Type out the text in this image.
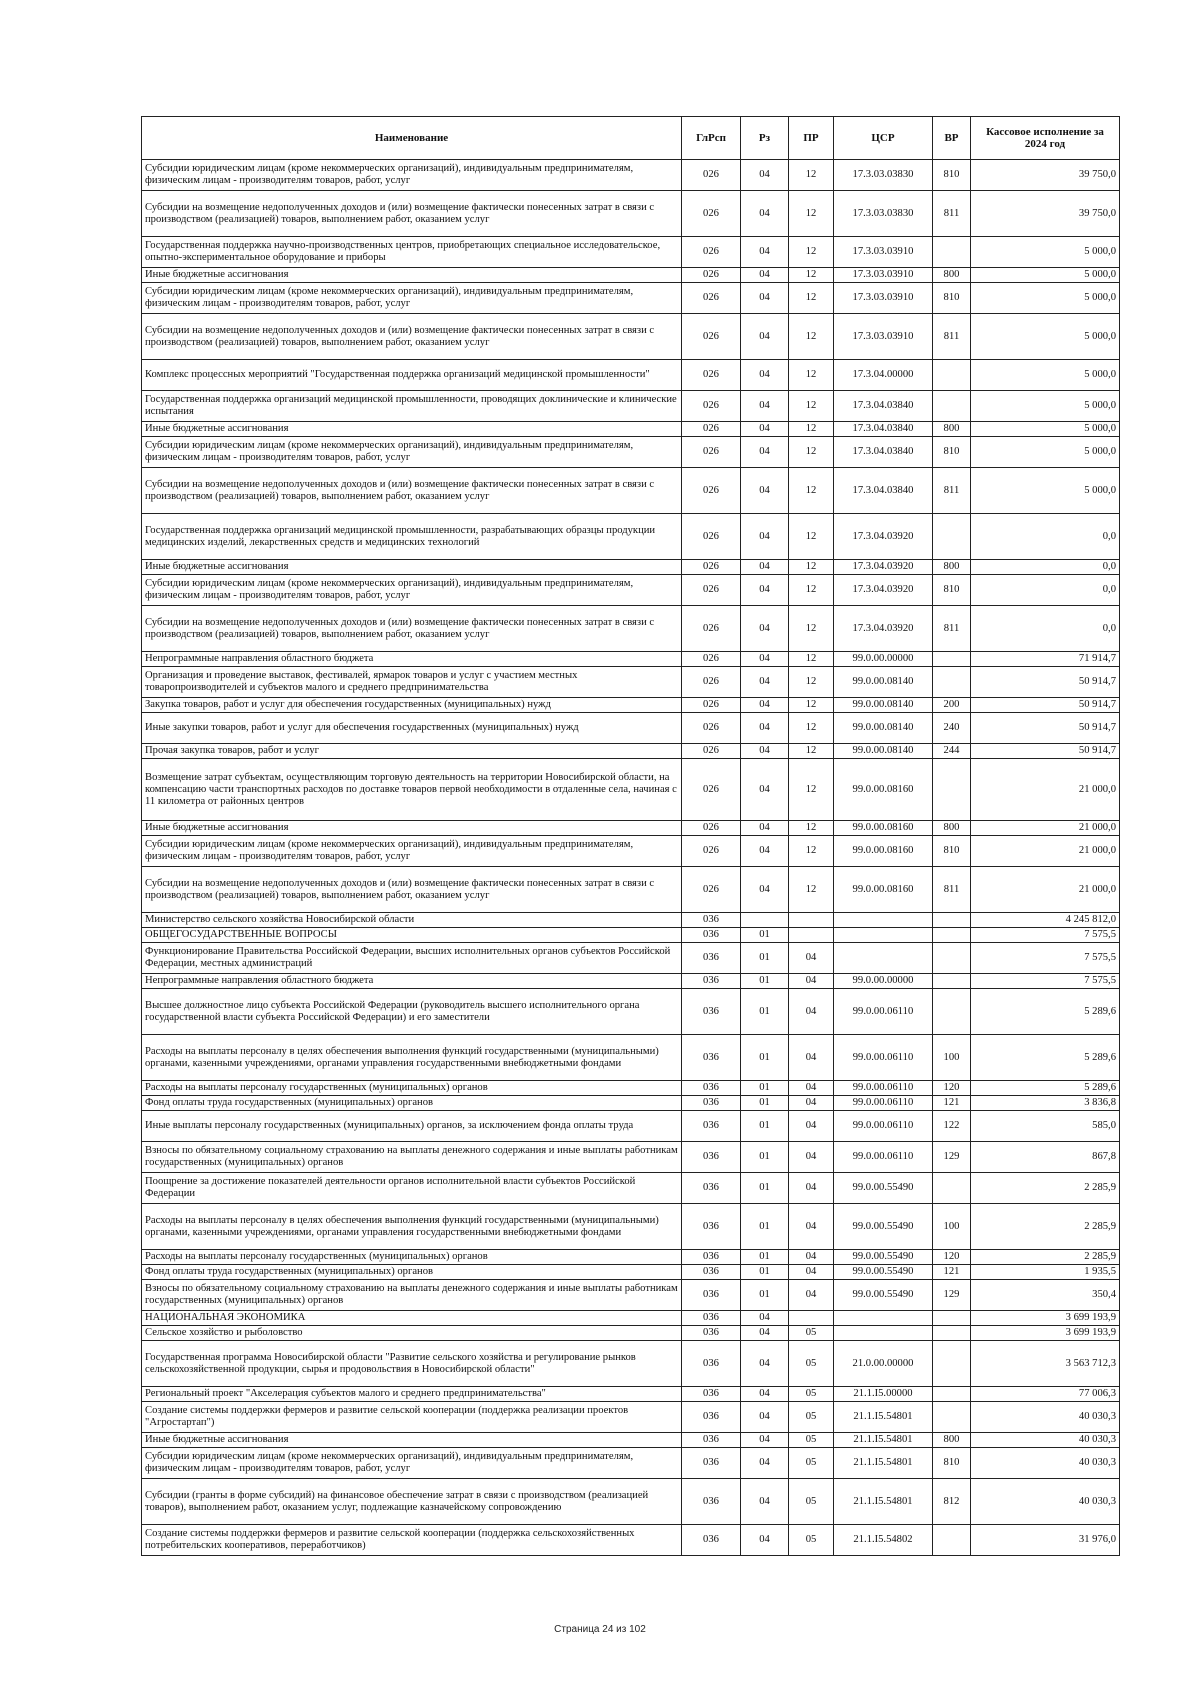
Наименование	ГлРсп	Рз	ПР	ЦСР	ВР	Кассовое исполнение за 2024 год
Субсидии юридическим лицам (кроме некоммерческих организаций), индивидуальным предпринимателям, физическим лицам - производителям товаров, работ, услуг	026	04	12	17.3.03.03830	810	39 750,0
Субсидии на возмещение недополученных доходов и (или) возмещение фактически понесенных затрат в связи с производством (реализацией) товаров, выполнением работ, оказанием услуг	026	04	12	17.3.03.03830	811	39 750,0
Государственная поддержка научно-производственных центров, приобретающих специальное исследовательское, опытно-экспериментальное оборудование и приборы	026	04	12	17.3.03.03910		5 000,0
Иные бюджетные ассигнования	026	04	12	17.3.03.03910	800	5 000,0
Субсидии юридическим лицам (кроме некоммерческих организаций), индивидуальным предпринимателям, физическим лицам - производителям товаров, работ, услуг	026	04	12	17.3.03.03910	810	5 000,0
Субсидии на возмещение недополученных доходов и (или) возмещение фактически понесенных затрат в связи с производством (реализацией) товаров, выполнением работ, оказанием услуг	026	04	12	17.3.03.03910	811	5 000,0
Комплекс процессных мероприятий "Государственная поддержка организаций медицинской промышленности"	026	04	12	17.3.04.00000		5 000,0
Государственная поддержка организаций медицинской промышленности, проводящих доклинические и клинические испытания	026	04	12	17.3.04.03840		5 000,0
Иные бюджетные ассигнования	026	04	12	17.3.04.03840	800	5 000,0
Субсидии юридическим лицам (кроме некоммерческих организаций), индивидуальным предпринимателям, физическим лицам - производителям товаров, работ, услуг	026	04	12	17.3.04.03840	810	5 000,0
Субсидии на возмещение недополученных доходов и (или) возмещение фактически понесенных затрат в связи с производством (реализацией) товаров, выполнением работ, оказанием услуг	026	04	12	17.3.04.03840	811	5 000,0
Государственная поддержка организаций медицинской промышленности, разрабатывающих образцы продукции медицинских изделий, лекарственных средств и медицинских технологий	026	04	12	17.3.04.03920		0,0
Иные бюджетные ассигнования	026	04	12	17.3.04.03920	800	0,0
Субсидии юридическим лицам (кроме некоммерческих организаций), индивидуальным предпринимателям, физическим лицам - производителям товаров, работ, услуг	026	04	12	17.3.04.03920	810	0,0
Субсидии на возмещение недополученных доходов и (или) возмещение фактически понесенных затрат в связи с производством (реализацией) товаров, выполнением работ, оказанием услуг	026	04	12	17.3.04.03920	811	0,0
Непрограммные направления областного бюджета	026	04	12	99.0.00.00000		71 914,7
Организация и проведение выставок, фестивалей, ярмарок товаров и услуг с участием местных товаропроизводителей и субъектов малого и среднего предпринимательства	026	04	12	99.0.00.08140		50 914,7
Закупка товаров, работ и услуг для обеспечения государственных (муниципальных) нужд	026	04	12	99.0.00.08140	200	50 914,7
Иные закупки товаров, работ и услуг для обеспечения государственных (муниципальных) нужд	026	04	12	99.0.00.08140	240	50 914,7
Прочая закупка товаров, работ и услуг	026	04	12	99.0.00.08140	244	50 914,7
Возмещение затрат субъектам, осуществляющим торговую деятельность на территории Новосибирской области, на компенсацию части транспортных расходов по доставке товаров первой необходимости в отдаленные села, начиная с 11 километра от районных центров	026	04	12	99.0.00.08160		21 000,0
Иные бюджетные ассигнования	026	04	12	99.0.00.08160	800	21 000,0
Субсидии юридическим лицам (кроме некоммерческих организаций), индивидуальным предпринимателям, физическим лицам - производителям товаров, работ, услуг	026	04	12	99.0.00.08160	810	21 000,0
Субсидии на возмещение недополученных доходов и (или) возмещение фактически понесенных затрат в связи с производством (реализацией) товаров, выполнением работ, оказанием услуг	026	04	12	99.0.00.08160	811	21 000,0
Министерство сельского хозяйства Новосибирской области	036					4 245 812,0
ОБЩЕГОСУДАРСТВЕННЫЕ ВОПРОСЫ	036	01				7 575,5
Функционирование Правительства Российской Федерации, высших исполнительных органов субъектов Российской Федерации, местных администраций	036	01	04			7 575,5
Непрограммные направления областного бюджета	036	01	04	99.0.00.00000		7 575,5
Высшее должностное лицо субъекта Российской Федерации (руководитель высшего исполнительного органа государственной власти субъекта Российской Федерации) и его заместители	036	01	04	99.0.00.06110		5 289,6
Расходы на выплаты персоналу в целях обеспечения выполнения функций государственными (муниципальными) органами, казенными учреждениями, органами управления государственными внебюджетными фондами	036	01	04	99.0.00.06110	100	5 289,6
Расходы на выплаты персоналу государственных (муниципальных) органов	036	01	04	99.0.00.06110	120	5 289,6
Фонд оплаты труда государственных (муниципальных) органов	036	01	04	99.0.00.06110	121	3 836,8
Иные выплаты персоналу государственных (муниципальных) органов, за исключением фонда оплаты труда	036	01	04	99.0.00.06110	122	585,0
Взносы по обязательному социальному страхованию на выплаты денежного содержания и иные выплаты работникам государственных (муниципальных) органов	036	01	04	99.0.00.06110	129	867,8
Поощрение за достижение показателей деятельности органов исполнительной власти субъектов Российской Федерации	036	01	04	99.0.00.55490		2 285,9
Расходы на выплаты персоналу в целях обеспечения выполнения функций государственными (муниципальными) органами, казенными учреждениями, органами управления государственными внебюджетными фондами	036	01	04	99.0.00.55490	100	2 285,9
Расходы на выплаты персоналу государственных (муниципальных) органов	036	01	04	99.0.00.55490	120	2 285,9
Фонд оплаты труда государственных (муниципальных) органов	036	01	04	99.0.00.55490	121	1 935,5
Взносы по обязательному социальному страхованию на выплаты денежного содержания и иные выплаты работникам государственных (муниципальных) органов	036	01	04	99.0.00.55490	129	350,4
НАЦИОНАЛЬНАЯ ЭКОНОМИКА	036	04				3 699 193,9
Сельское хозяйство и рыболовство	036	04	05			3 699 193,9
Государственная программа Новосибирской области "Развитие сельского хозяйства и регулирование рынков сельскохозяйственной продукции, сырья и продовольствия в Новосибирской области"	036	04	05	21.0.00.00000		3 563 712,3
Региональный проект "Акселерация субъектов малого и среднего предпринимательства"	036	04	05	21.1.I5.00000		77 006,3
Создание системы поддержки фермеров и развитие сельской кооперации (поддержка реализации проектов "Агростартап")	036	04	05	21.1.I5.54801		40 030,3
Иные бюджетные ассигнования	036	04	05	21.1.I5.54801	800	40 030,3
Субсидии юридическим лицам (кроме некоммерческих организаций), индивидуальным предпринимателям, физическим лицам - производителям товаров, работ, услуг	036	04	05	21.1.I5.54801	810	40 030,3
Субсидии (гранты в форме субсидий) на финансовое обеспечение затрат в связи с производством (реализацией товаров), выполнением работ, оказанием услуг, подлежащие казначейскому сопровождению	036	04	05	21.1.I5.54801	812	40 030,3
Создание системы поддержки фермеров и развитие сельской кооперации (поддержка сельскохозяйственных потребительских кооперативов, переработчиков)	036	04	05	21.1.I5.54802		31 976,0
Страница 24 из 102
